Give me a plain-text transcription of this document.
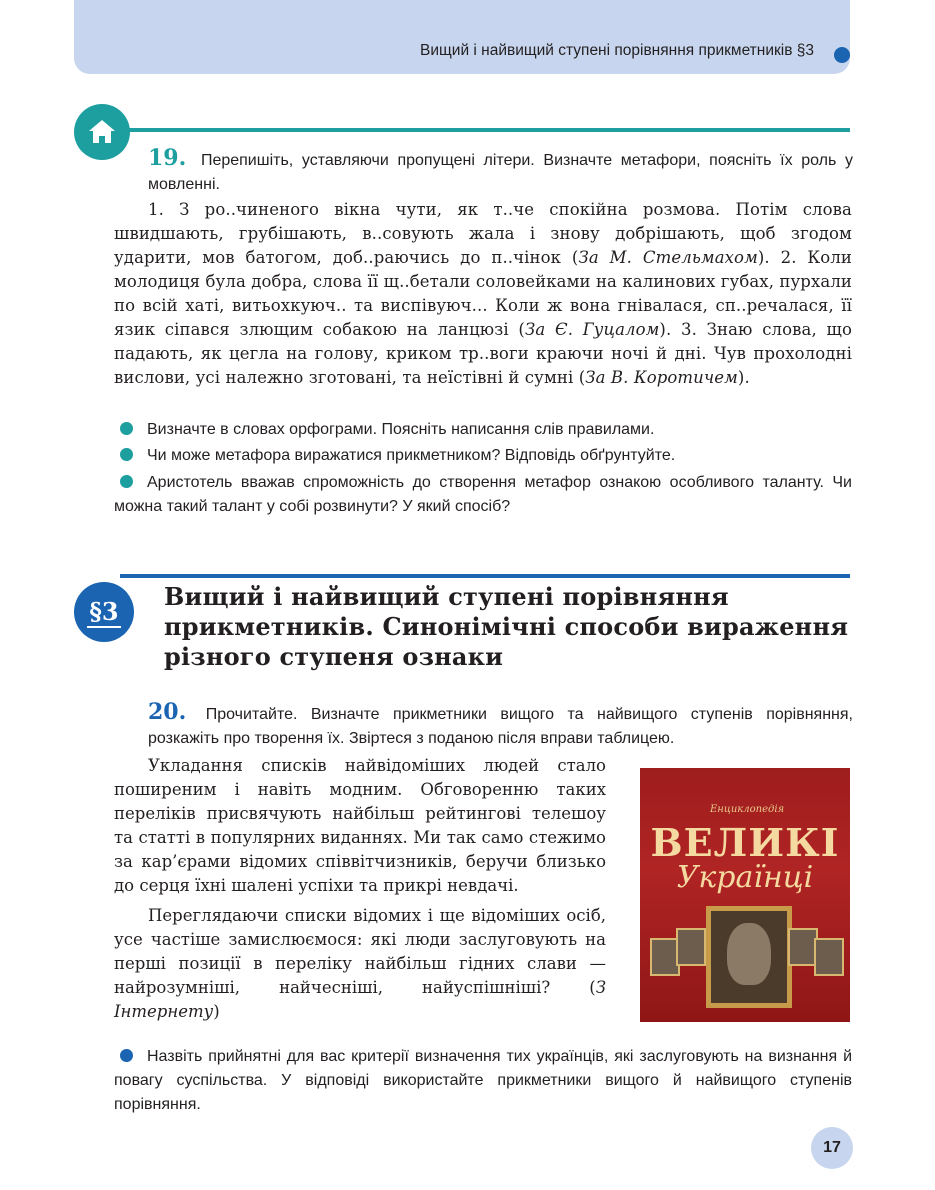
Вищий і найвищий ступені порівняння прикметників §3
19. Перепишіть, уставляючи пропущені літери. Визначте метафори, поясніть їх роль у мовленні.

1. З ро..чиненого вікна чути, як т..че спокійна розмова. Потім слова швидшають, грубішають, в..совують жала і знову добрішають, щоб згодом ударити, мов батогом, доб..раючись до п..чінок (За М. Стельмахом). 2. Коли молодиця була добра, слова її щ..бетали соловейками на калинових губах, пурхали по всій хаті, витьохкуюч.. та виспівуюч... Коли ж вона гнівалася, сп..речалася, її язик сіпався злющим собакою на ланцюзі (За Є. Гуцалом). 3. Знаю слова, що падають, як цегла на голову, криком тр..воги краючи ночі й дні. Чув прохолодні вислови, усі належно зготовані, та неїстівні й сумні (За В. Коротичем).

Визначте в словах орфограми. Поясніть написання слів правилами.
Чи може метафора виражатися прикметником? Відповідь обґрунтуйте.
Аристотель вважав спроможність до створення метафор ознакою особливого таланту. Чи можна такий талант у собі розвинути? У який спосіб?
§3
Вищий і найвищий ступені порівняння прикметників. Синонімічні способи вираження різного ступеня ознаки
20. Прочитайте. Визначте прикметники вищого та найвищого ступенів порівняння, розкажіть про творення їх. Звіртеся з поданою після вправи таблицею.

Укладання списків найвідоміших людей стало поширеним і навіть модним. Обговоренню таких переліків присвячують найбільш рейтингові телешоу та статті в популярних виданнях. Ми так само стежимо за кар’єрами відомих співвітчизників, беручи близько до серця їхні шалені успіхи та прикрі невдачі.

Переглядаючи списки відомих і ще відоміших осіб, усе частіше замислюємося: які люди заслуговують на перші позиції в переліку найбільш гідних слави — найрозумніші, найчесніші, найуспішніші? (З Інтернету)

Енциклопедія
ВЕЛИКІ
Українці
Назвіть прийнятні для вас критерії визначення тих українців, які заслуговують на визнання й повагу суспільства. У відповіді використайте прикметники вищого й найвищого ступенів порівняння.
17
